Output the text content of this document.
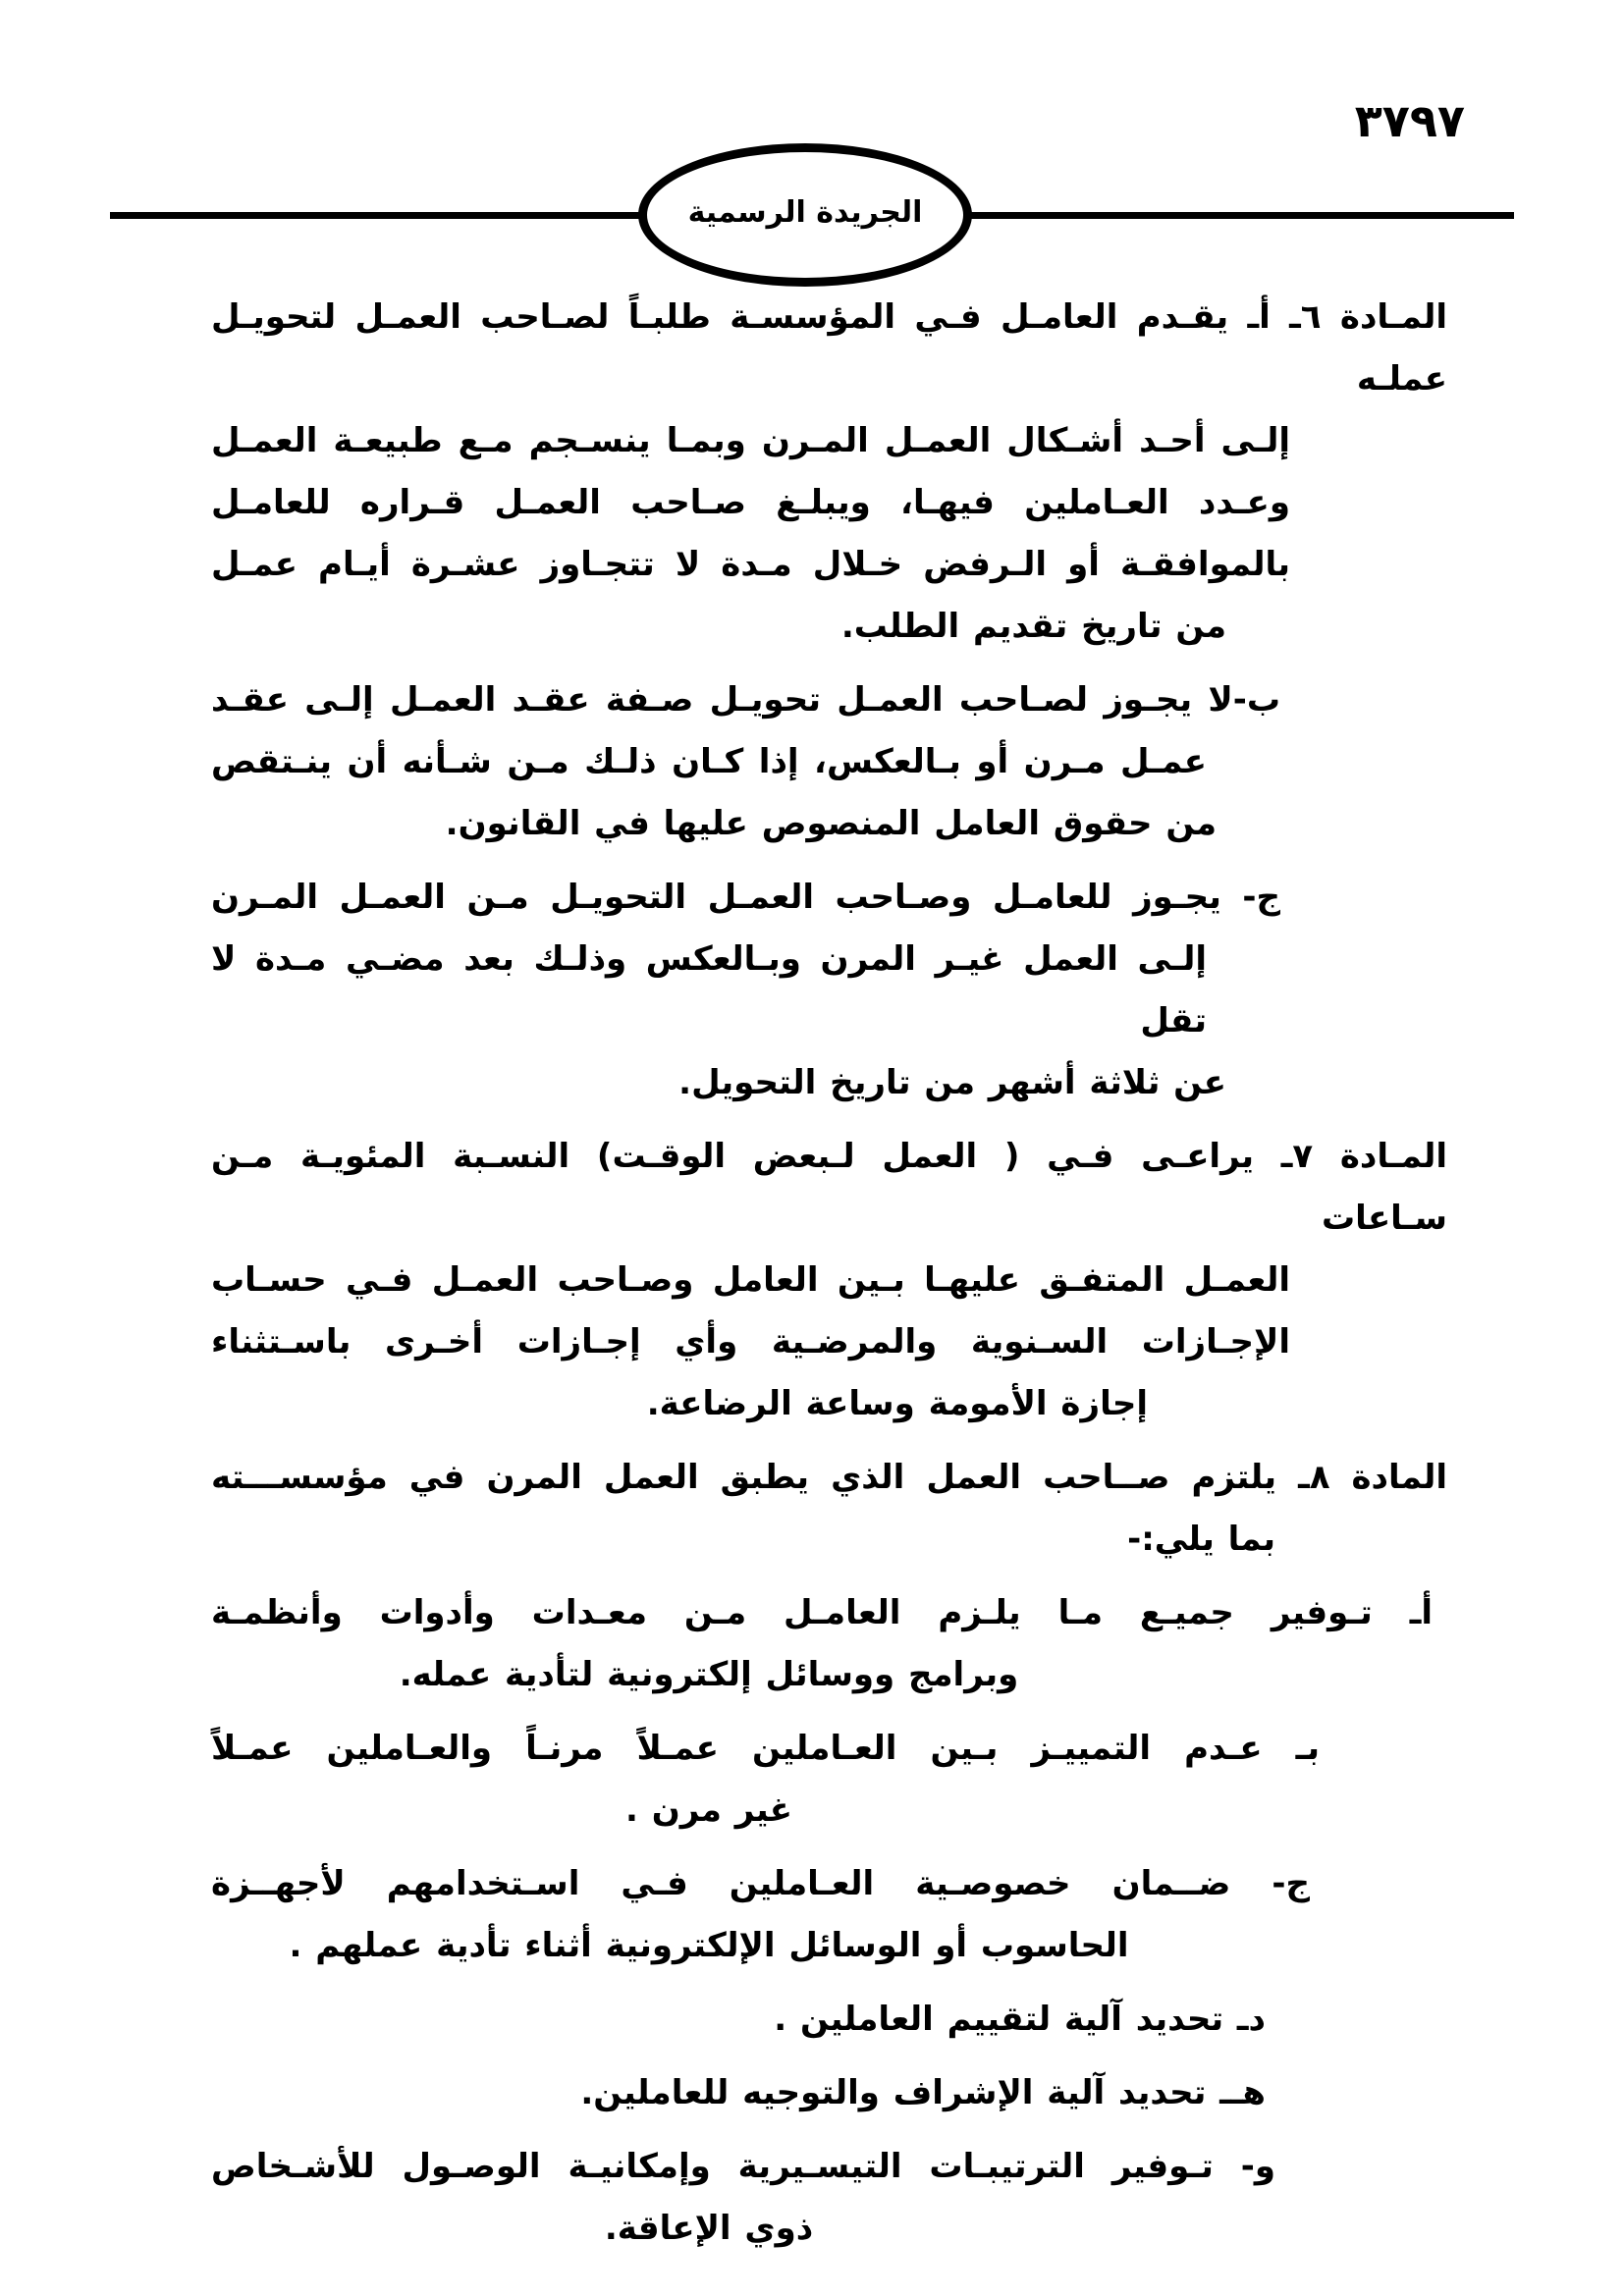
٣٧٩٧
الجريدة الرسمية
المـادة ٦ـ أـ يقـدم العامـل فـي المؤسسـة طلبـاً لصـاحب العمـل لتحويـل عملـه
إلـى أحـد أشـكال العمـل المـرن وبمـا ينسـجم مـع طبيعـة العمـل
وعـدد العـاملين فيهـا، ويبلـغ صـاحب العمـل قـراره للعامـل
بالموافقـة أو الـرفض خـلال مـدة لا تتجـاوز عشـرة أيـام عمـل
من تاريخ تقديم الطلب.
ب-لا يجـوز لصـاحب العمـل تحويـل صـفة عقـد العمـل إلـى عقـد
عمـل مـرن أو بـالعكس، إذا كـان ذلـك مـن شـأنه أن ينـتقص
من حقوق العامل المنصوص عليها في القانون.
ج- يجـوز للعامـل وصـاحب العمـل التحويـل مـن العمـل المـرن
إلـى العمل غيـر المرن وبـالعكس وذلـك بعد مضـي مـدة لا تقل
عن ثلاثة أشهر من تاريخ التحويل.
المـادة ٧ـ يراعـى فـي ( العمل لـبعض الوقـت) النسـبة المئويـة مـن سـاعات
العمـل المتفـق عليهـا بـين العامل وصـاحب العمـل فـي حسـاب
الإجـازات السـنوية والمرضـية وأي إجـازات أخـرى باسـتثناء
إجازة الأمومة وساعة الرضاعة.
المادة ٨ـ يلتزم صــاحب العمل الذي يطبق العمل المرن في مؤسســـته
بما يلي:-
أـ تـوفير جميـع مـا يلـزم العامـل مـن معـدات وأدوات وأنظمـة
وبرامج ووسائل إلكترونية لتأدية عمله.
بـ عـدم التمييـز بـين العـاملين عمـلاً مرنـاً والعـاملين عمـلاً
غير مرن .
ج- ضــمان خصوصـية العـاملين فـي اسـتخدامهم لأجهــزة
الحاسوب أو الوسائل الإلكترونية أثناء تأدية عملهم .
دـ تحديد آلية لتقييم العاملين .
هــ تحديد آلية الإشراف والتوجيه للعاملين.
و- تـوفير الترتيبـات التيسـيرية وإمكانيـة الوصـول للأشـخاص
ذوي الإعاقة.
